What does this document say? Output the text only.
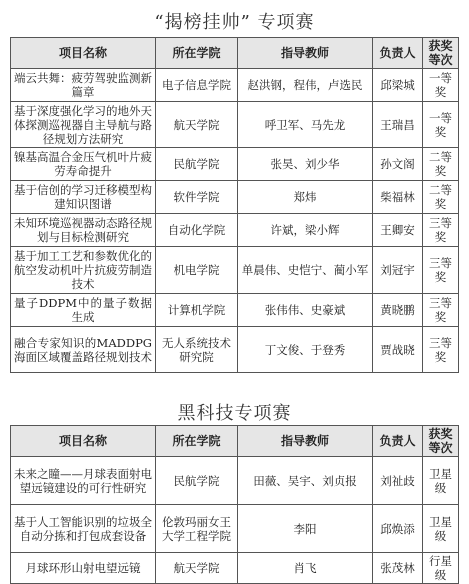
“揭榜挂帅” 专项赛
项目名称	所在学院	指导教师	负责人	获奖等次
端云共舞：疲劳驾驶监测新篇章	电子信息学院	赵洪钢，程伟，卢选民	邱梁城	一等奖
基于深度强化学习的地外天体探测巡视器自主导航与路径规划方法研究	航天学院	呼卫军、马先龙	王瑞昌	一等奖
镍基高温合金压气机叶片疲劳寿命提升	民航学院	张昊、刘少华	孙文阁	二等奖
基于信创的学习迁移模型构建知识图谱	软件学院	郑炜	柴福林	二等奖
未知环境巡视器动态路径规划与目标检测研究	自动化学院	许斌，梁小辉	王卿安	三等奖
基于加工工艺和参数优化的航空发动机叶片抗疲劳制造技术	机电学院	单晨伟、史恺宁、蔺小军	刘冠宇	三等奖
量子DDPM中的量子数据生成	计算机学院	张伟伟、史豪斌	黄晓鹏	三等奖
融合专家知识的MADDPG海面区域覆盖路径规划技术	无人系统技术研究院	丁文俊、于登秀	贾战晓	三等奖
黑科技专项赛
项目名称	所在学院	指导教师	负责人	获奖等次
未来之瞳——月球表面射电望远镜建设的可行性研究	民航学院	田薇、吴宇、刘贞报	刘祉歧	卫星级
基于人工智能识别的垃圾全自动分拣和打包成套设备	伦敦玛丽女王大学工程学院	李阳	邱焕添	卫星级
月球环形山射电望远镜	航天学院	肖飞	张茂林	行星级
